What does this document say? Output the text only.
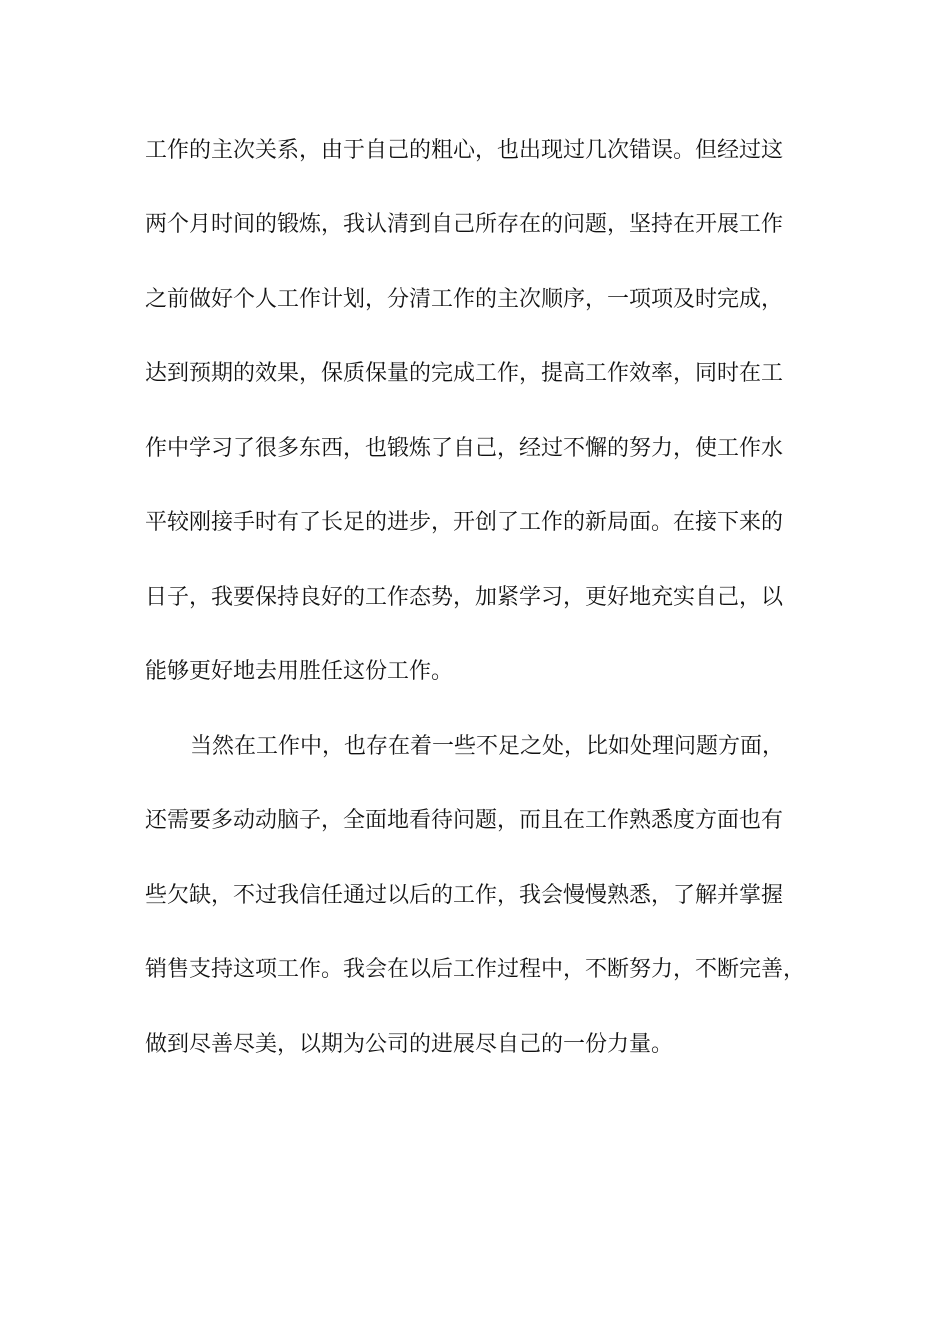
工作的主次关系，由于自己的粗心，也出现过几次错误。但经过这
两个月时间的锻炼，我认清到自己所存在的问题，坚持在开展工作
之前做好个人工作计划，分清工作的主次顺序，一项项及时完成，
达到预期的效果，保质保量的完成工作，提高工作效率，同时在工
作中学习了很多东西，也锻炼了自己，经过不懈的努力，使工作水
平较刚接手时有了长足的进步，开创了工作的新局面。在接下来的
日子，我要保持良好的工作态势，加紧学习，更好地充实自己，以
能够更好地去用胜任这份工作。
当然在工作中，也存在着一些不足之处，比如处理问题方面，
还需要多动动脑子，全面地看待问题，而且在工作熟悉度方面也有
些欠缺，不过我信任通过以后的工作，我会慢慢熟悉，了解并掌握
销售支持这项工作。我会在以后工作过程中，不断努力，不断完善，
做到尽善尽美，以期为公司的进展尽自己的一份力量。
